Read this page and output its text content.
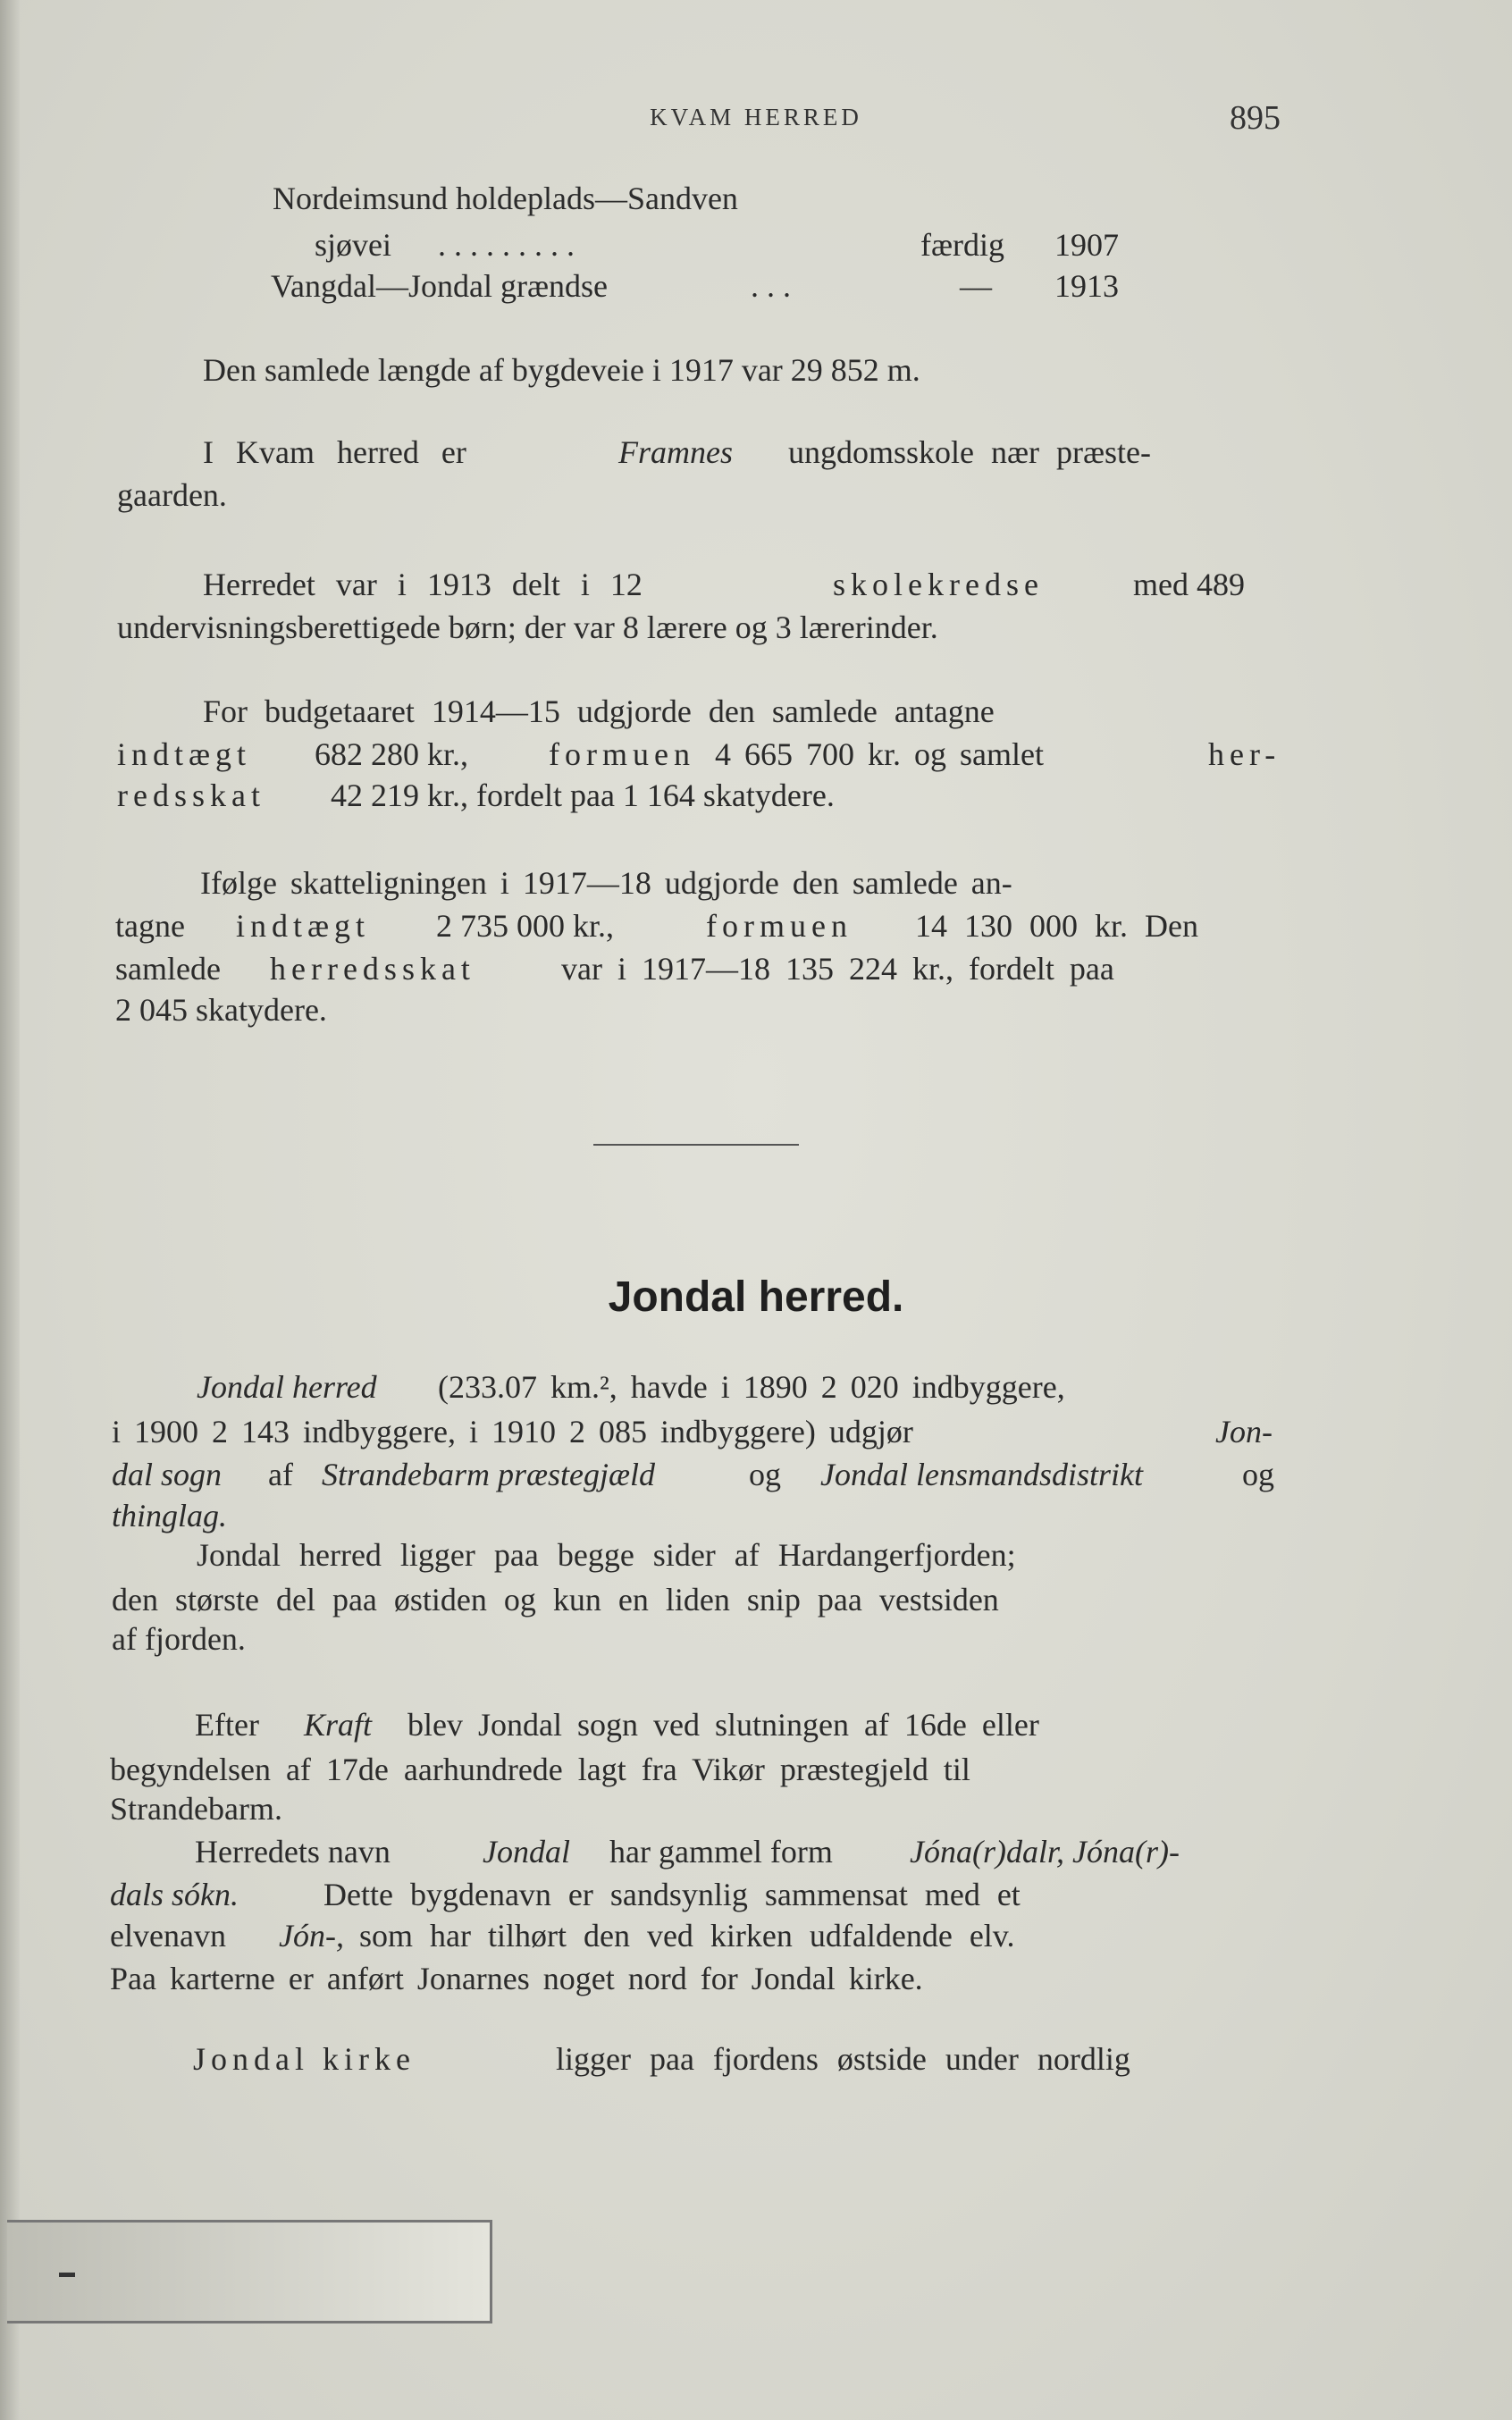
KVAM HERRED	895
Nordeimsund holdeplads—Sandven
sjøvei . . . . . . . . .	færdig 1907
Vangdal—Jondal grændse	. . .	— 1913
Den samlede længde af bygdeveie i 1917 var 29 852 m.
I Kvam herred er	Framnes ungdomsskole nær præste-
gaarden.
Herredet var i 1913 delt i 12	skolekredse	med 489
undervisningsberettigede børn; der var 8 lærere og 3 lærerinder.
For budgetaaret 1914—15 udgjorde den samlede antagne
indtægt 682 280 kr., formuen 4 665 700 kr. og samlet	her-
redsskat 42 219 kr., fordelt paa 1 164 skatydere.
Ifølge skatteligningen i 1917—18 udgjorde den samlede an-
tagne indtægt 2 735 000 kr.,	formuen 14 130 000 kr. Den
samlede herredsskat	var i 1917—18 135 224 kr., fordelt paa
2 045 skatydere.
Jondal herred.
Jondal herred (233.07 km.², havde i 1890 2 020 indbyggere,
i 1900 2 143 indbyggere, i 1910 2 085 indbyggere) udgjør	Jon-
dal sogn af Strandebarm præstegjæld	og Jondal lensmandsdistrikt	og
thinglag.
Jondal herred ligger paa begge sider af Hardangerfjorden;
den største del paa østiden og kun en liden snip paa vestsiden
af fjorden.
Efter Kraft blev Jondal sogn ved slutningen af 16de eller
begyndelsen af 17de aarhundrede lagt fra Vikør præstegjeld til
Strandebarm.
Herredets navn	Jondal har gammel form Jóna(r)dalr, Jóna(r)-
dals sókn.	Dette bygdenavn er sandsynlig sammensat med et
elvenavn Jón-, som har tilhørt den ved kirken udfaldende elv.
Paa karterne er anført Jonarnes noget nord for Jondal kirke.
Jondal kirke	ligger paa fjordens østside under nordlig
